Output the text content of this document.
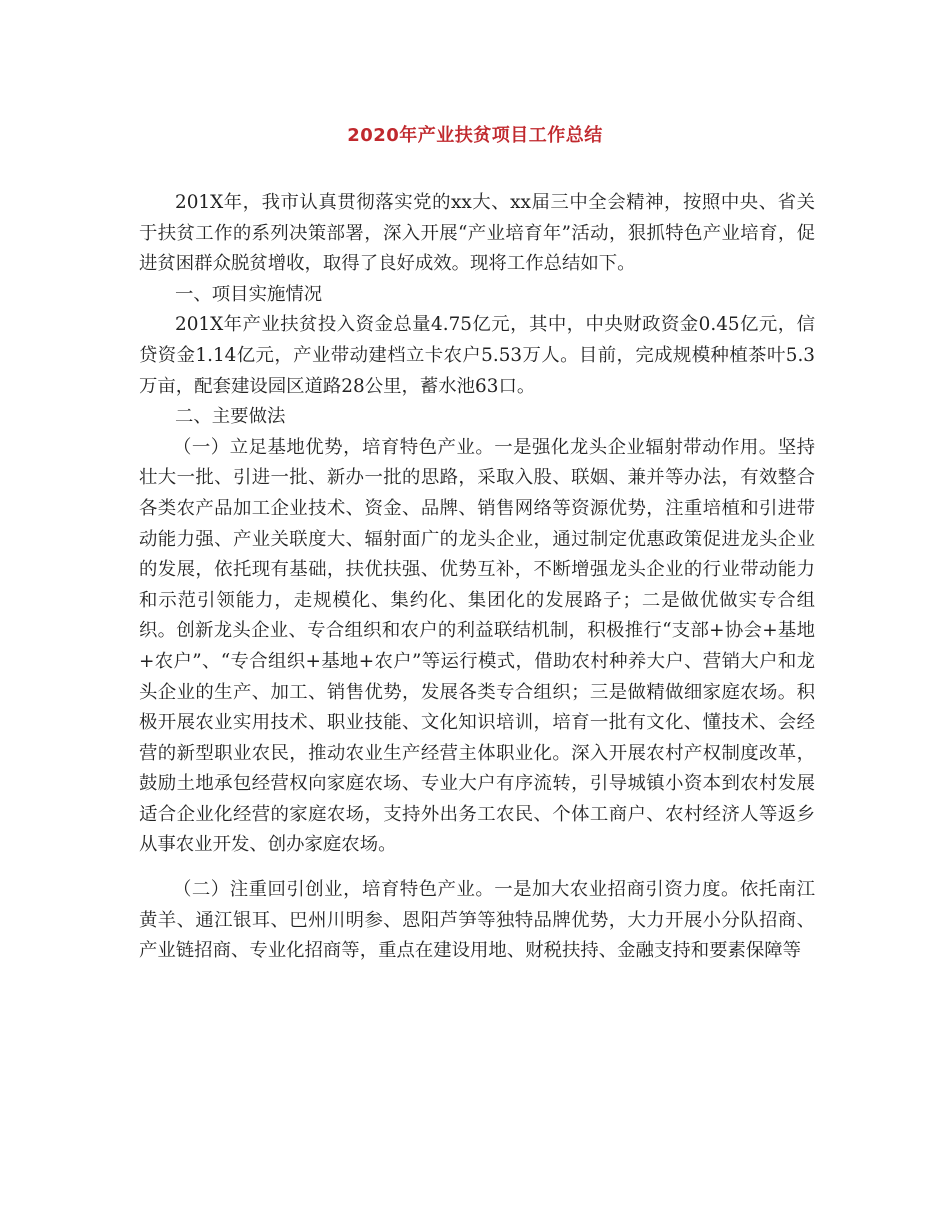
2020年产业扶贫项目工作总结

201X年，我市认真贯彻落实党的xx大、xx届三中全会精神，按照中央、省关于扶贫工作的系列决策部署，深入开展“产业培育年”活动，狠抓特色产业培育，促进贫困群众脱贫增收，取得了良好成效。现将工作总结如下。

一、项目实施情况

201X年产业扶贫投入资金总量4.75亿元，其中，中央财政资金0.45亿元，信贷资金1.14亿元，产业带动建档立卡农户5.53万人。目前，完成规模种植茶叶5.3万亩，配套建设园区道路28公里，蓄水池63口。

二、主要做法

（一）立足基地优势，培育特色产业。一是强化龙头企业辐射带动作用。坚持壮大一批、引进一批、新办一批的思路，采取入股、联姻、兼并等办法，有效整合各类农产品加工企业技术、资金、品牌、销售网络等资源优势，注重培植和引进带动能力强、产业关联度大、辐射面广的龙头企业，通过制定优惠政策促进龙头企业的发展，依托现有基础，扶优扶强、优势互补，不断增强龙头企业的行业带动能力和示范引领能力，走规模化、集约化、集团化的发展路子；二是做优做实专合组织。创新龙头企业、专合组织和农户的利益联结机制，积极推行“支部+协会+基地+农户”、“专合组织+基地+农户”等运行模式，借助农村种养大户、营销大户和龙头企业的生产、加工、销售优势，发展各类专合组织；三是做精做细家庭农场。积极开展农业实用技术、职业技能、文化知识培训，培育一批有文化、懂技术、会经营的新型职业农民，推动农业生产经营主体职业化。深入开展农村产权制度改革，鼓励土地承包经营权向家庭农场、专业大户有序流转，引导城镇小资本到农村发展适合企业化经营的家庭农场，支持外出务工农民、个体工商户、农村经济人等返乡从事农业开发、创办家庭农场。

（二）注重回引创业，培育特色产业。一是加大农业招商引资力度。依托南江黄羊、通江银耳、巴州川明参、恩阳芦笋等独特品牌优势，大力开展小分队招商、产业链招商、专业化招商等，重点在建设用地、财税扶持、金融支持和要素保障等
